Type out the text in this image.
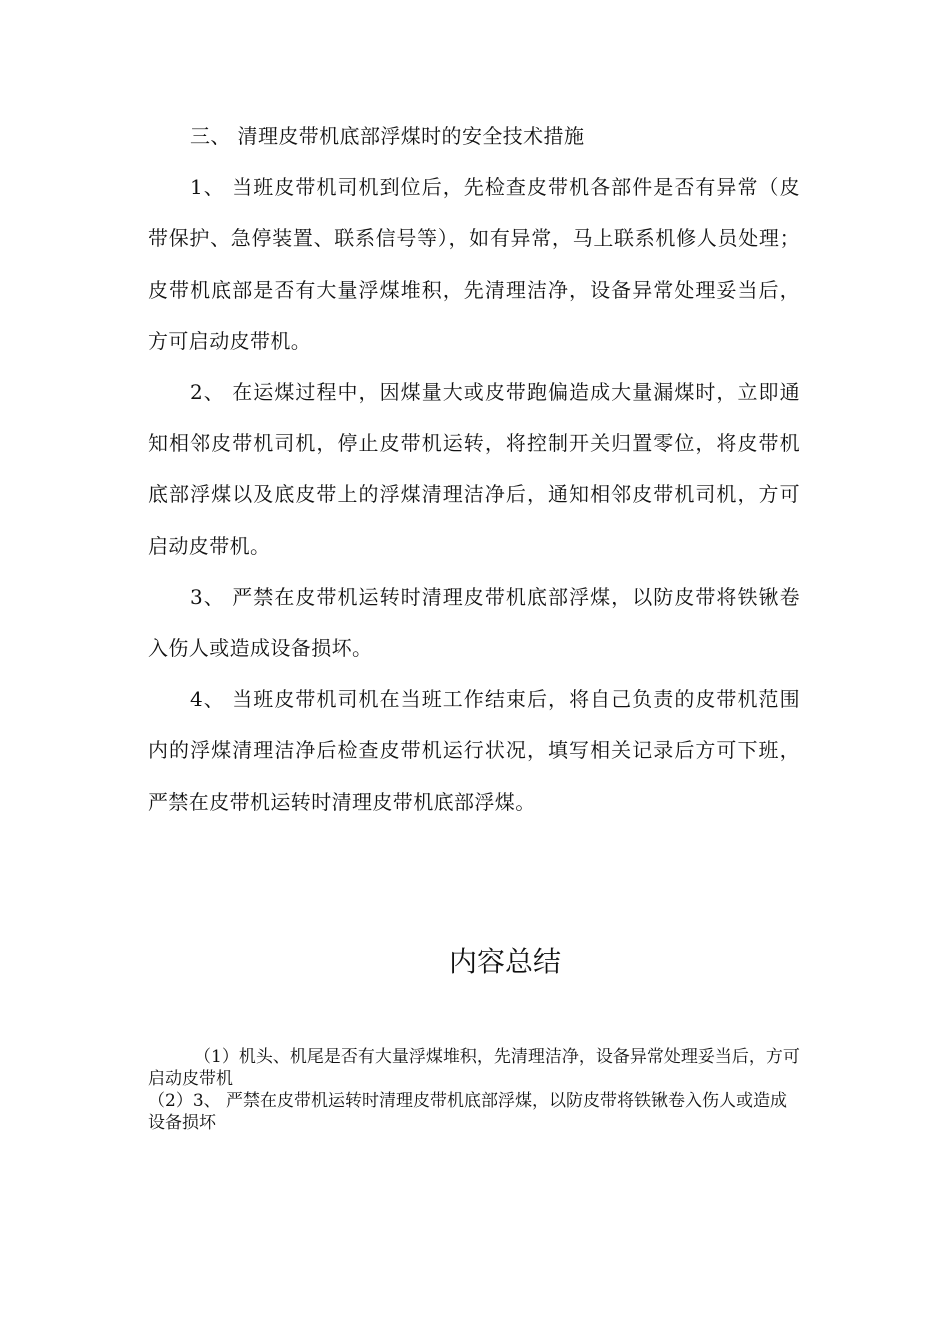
三、 清理皮带机底部浮煤时的安全技术措施

1、 当班皮带机司机到位后，先检查皮带机各部件是否有异常（皮带保护、急停装置、联系信号等），如有异常，马上联系机修人员处理；皮带机底部是否有大量浮煤堆积，先清理洁净，设备异常处理妥当后，方可启动皮带机。

2、 在运煤过程中，因煤量大或皮带跑偏造成大量漏煤时，立即通知相邻皮带机司机，停止皮带机运转，将控制开关归置零位，将皮带机底部浮煤以及底皮带上的浮煤清理洁净后，通知相邻皮带机司机，方可启动皮带机。

3、 严禁在皮带机运转时清理皮带机底部浮煤，以防皮带将铁锹卷入伤人或造成设备损坏。

4、 当班皮带机司机在当班工作结束后，将自己负责的皮带机范围内的浮煤清理洁净后检查皮带机运行状况，填写相关记录后方可下班，严禁在皮带机运转时清理皮带机底部浮煤。

内容总结

（1）机头、机尾是否有大量浮煤堆积，先清理洁净，设备异常处理妥当后，方可启动皮带机

（2）3、 严禁在皮带机运转时清理皮带机底部浮煤，以防皮带将铁锹卷入伤人或造成设备损坏
